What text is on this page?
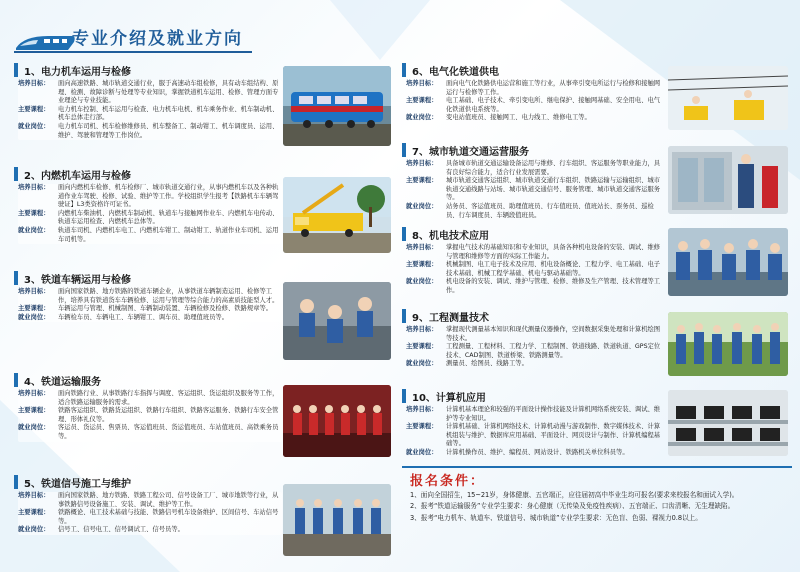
专业介绍及就业方向
1、电力机车运用与检修
培养目标：	面向高速铁路、城市轨道交通行业，服于高速动车组检修，具有动车组结构、原理、检测、故障诊断与处理等专业知识，掌握铁道机车运用、检修、管理方面专业理论与专业技能。
主要课程：	电力机车控制、机车运用与检查、电力机车电机、机车乘务作业、机车制动机、机车总体走行部。
就业岗位：	电力机车司机、机车检修维修员、机车整备工、制动钳工、机车调度员、运用、维护、驾驶和管理等工作岗位。
2、内燃机车运用与检修
培养目标：	面向内燃机车检修、机车检修厂、城市轨道交通行业，从事内燃机车以及各种轨道作业车驾驶、检修、试验、维护等工作。学校组织学生报考【铁路机车车辆驾驶证】L3类资格许可证书。
主要课程：	内燃机车柴油机、内燃机车制动机、轨道车与接触网作业车、内燃机车电传动、轨道车运用检查、内燃机车总体等。
就业岗位：	轨道车司机、内燃机车电工、内燃机车钳工、制动钳工、轨道作业车司机、运用车司机等。
3、铁道车辆运用与检修
培养目标：	面向国家铁路、地方铁路的铁道车辆企业，从事铁道车辆制造运用、检修等工作，培养具有铁道货车车辆检修、运用与管理等综合能力的高素质技能型人才。
主要课程：	车辆运用与管理、机械制图、车辆制动装置、车辆检修及检修、铁路规章等。
就业岗位：	车辆检车员、车辆电工、车辆钳工、调车员、助理值班员等。
4、铁道运输服务
培养目标：	面向铁路行业、从事铁路行车指挥与调度、客运组织、货运组织及服务等工作，适合铁路运输服务的需求。
主要课程：	铁路客运组织、铁路货运组织、铁路行车组织、铁路客运服务、铁路行车安全管理、形体礼仪等。
就业岗位：	客运员、货运员、售票员、客运值班员、货运值班员、车站值班员、高铁乘务员等。
5、铁道信号施工与维护
培养目标：	面向国家铁路、地方铁路、铁路工程公司、信号设备工厂、城市地铁等行业，从事铁路信号设备施工、安装、调试、维护等工作。
主要课程：	铁路概论、电工技术基础与技能、铁路信号机车设备维护、区间信号、车站信号等。
就业岗位：	信号工、信号电工、信号调试工、信号员等。
6、电气化铁道供电
培养目标：	面向电气化铁路供电运营和施工等行业，从事牵引变电所运行与检修和接触网运行与检修等工作。
主要课程：	电工基础、电子技术、牵引变电所、继电保护、接触网基础、安全用电、电气化铁道供电系统等。
就业岗位：	变电站值班员、接触网工、电力线工、维修电工等。
7、城市轨道交通运营服务
培养目标：	具备城市轨道交通运输设备运用与维修、行车组织、客运服务等职业能力，具有良好综合能力，适合行业发展需要。
主要课程：	城市轨道交通客运组织、城市轨道交通行车组织、铁路运输与运输组织、城市轨道交通线路与站场、城市轨道交通信号、服务管理、城市轨道交通客运服务等。
就业岗位：	站务员、客运值班员、助理值班员、行车值班员、值班站长、票务员、巡检员、行车调度员、车辆段值班员。
8、机电技术应用
培养目标：	掌握电气技术的基础知识和专业知识，具备各种机电设备的安装、调试、维修与管理和维修等方面的实际工作能力。
主要课程：	机械制图、电工电子技术及应用、机电设备概论、工程力学、电工基础、电子技术基础、机械工程学基础、机电与驱动基础等。
就业岗位：	机电设备的安装、调试、维护与管理、检修、维修及生产管理、技术管理等工作。
9、工程测量技术
培养目标：	掌握现代测量基本知识和现代测量仪器操作，空间数据采集处理和计算机绘图等技术。
主要课程：	工程测量、工程材料、工程力学、工程制图、铁道线路、铁道轨道、GPS定位技术、CAD制图、铁道桥梁、铁路测量等。
就业岗位：	测量员、绘图员、线路工等。
10、计算机应用
培养目标：	计算机基本理论和较强的平面设计操作技能及计算机网络系统安装、调试、维护等专业知识。
主要课程：	计算机基础、计算机网络技术、计算机动漫与游戏制作、数字媒体技术、计算机组装与维护、数据库应用基础、平面设计、网页设计与制作、计算机编程基础等。
就业岗位：	计算机操作员、维护、编程员、网站设计、铁路机关单位科员等。
报名条件：
1、面向全国招生，15~21岁，身体健康、五官端正，应往届初高中毕业生均可报名(要求来校报名和面试入学)。
2、报考“铁道运输服务”专业学生要求：身心健康（无传染及免疫性疾病）、五官端正、口齿清晰、无生理缺陷。
3、报考“电力机车、轨道车、铁道信号、城市轨道”专业学生要求：无色盲、色弱、裸视力0.8以上。
